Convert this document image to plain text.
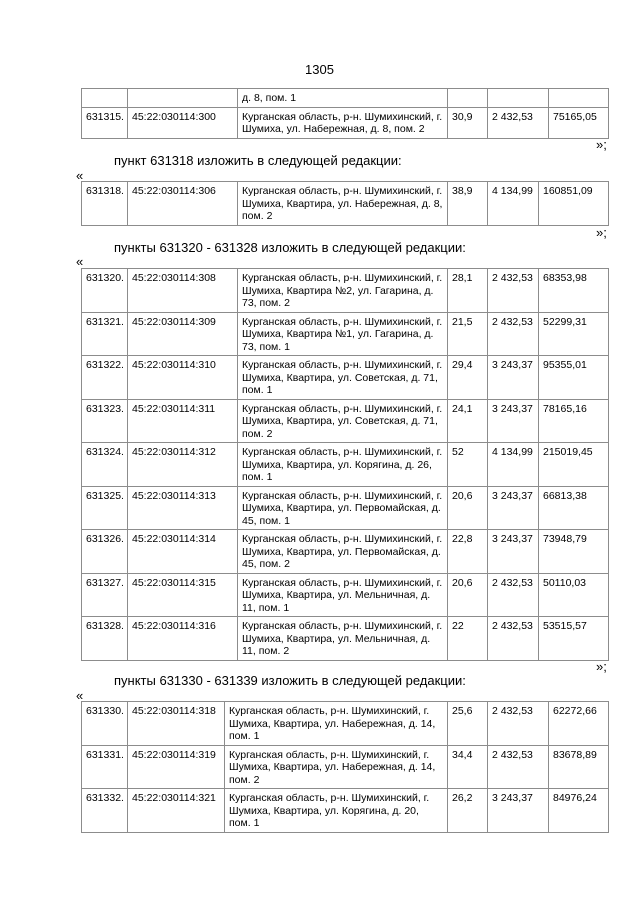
1305
		д. 8, пом. 1			
631315.	45:22:030114:300	Курганская область, р-н. Шумихинский, г. Шумиха, ул. Набережная, д. 8, пом. 2	30,9	2 432,53	75165,05
»;
пункт 631318 изложить в следующей редакции:
«
631318.	45:22:030114:306	Курганская область, р-н. Шумихинский, г. Шумиха, Квартира, ул. Набережная, д. 8, пом. 2	38,9	4 134,99	160851,09
»;
пункты 631320 - 631328 изложить в следующей редакции:
«
631320.	45:22:030114:308	Курганская область, р-н. Шумихинский, г. Шумиха, Квартира №2, ул. Гагарина, д. 73, пом. 2	28,1	2 432,53	68353,98
631321.	45:22:030114:309	Курганская область, р-н. Шумихинский, г. Шумиха, Квартира №1, ул. Гагарина, д. 73, пом. 1	21,5	2 432,53	52299,31
631322.	45:22:030114:310	Курганская область, р-н. Шумихинский, г. Шумиха, Квартира, ул. Советская, д. 71, пом. 1	29,4	3 243,37	95355,01
631323.	45:22:030114:311	Курганская область, р-н. Шумихинский, г. Шумиха, Квартира, ул. Советская, д. 71, пом. 2	24,1	3 243,37	78165,16
631324.	45:22:030114:312	Курганская область, р-н. Шумихинский, г. Шумиха, Квартира, ул. Корягина, д. 26, пом. 1	52	4 134,99	215019,45
631325.	45:22:030114:313	Курганская область, р-н. Шумихинский, г. Шумиха, Квартира, ул. Первомайская, д. 45, пом. 1	20,6	3 243,37	66813,38
631326.	45:22:030114:314	Курганская область, р-н. Шумихинский, г. Шумиха, Квартира, ул. Первомайская, д. 45, пом. 2	22,8	3 243,37	73948,79
631327.	45:22:030114:315	Курганская область, р-н. Шумихинский, г. Шумиха, Квартира, ул. Мельничная, д. 11, пом. 1	20,6	2 432,53	50110,03
631328.	45:22:030114:316	Курганская область, р-н. Шумихинский, г. Шумиха, Квартира, ул. Мельничная, д. 11, пом. 2	22	2 432,53	53515,57
»;
пункты 631330 - 631339 изложить в следующей редакции:
«
631330.	45:22:030114:318	Курганская область, р-н. Шумихинский, г. Шумиха, Квартира, ул. Набережная, д. 14, пом. 1	25,6	2 432,53	62272,66
631331.	45:22:030114:319	Курганская область, р-н. Шумихинский, г. Шумиха, Квартира, ул. Набережная, д. 14, пом. 2	34,4	2 432,53	83678,89
631332.	45:22:030114:321	Курганская область, р-н. Шумихинский, г. Шумиха, Квартира, ул. Корягина, д. 20, пом. 1	26,2	3 243,37	84976,24
